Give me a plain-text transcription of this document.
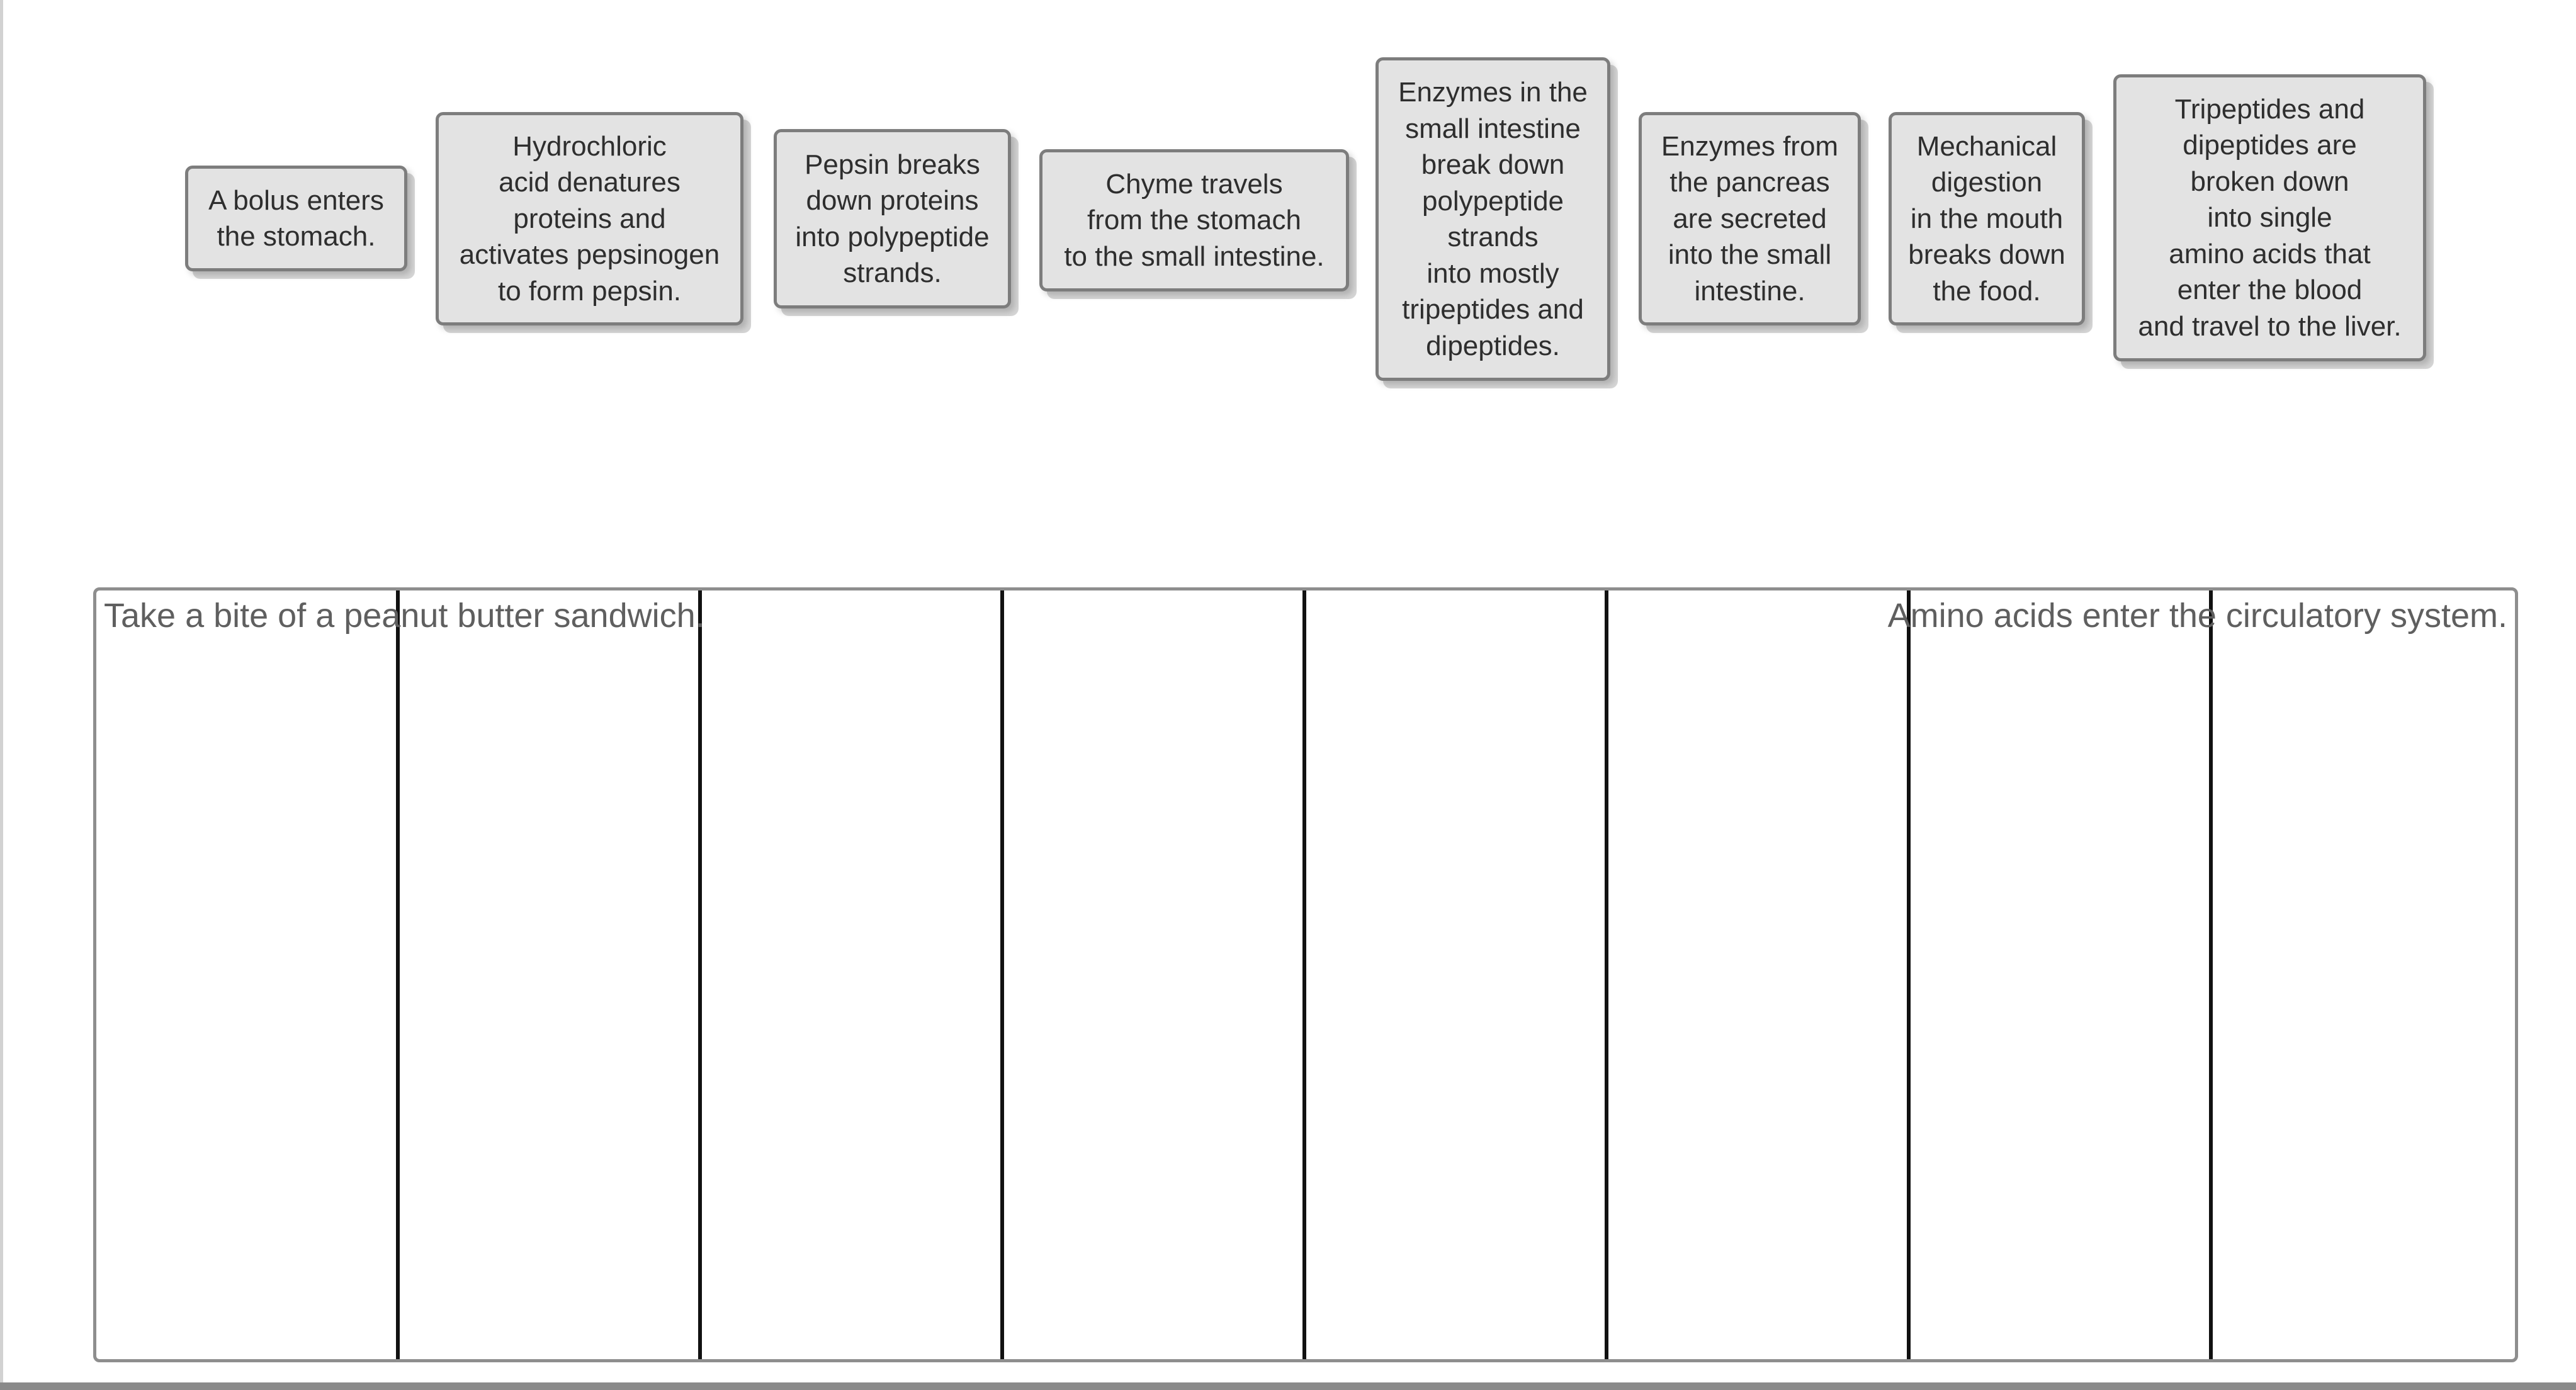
A bolus enters
the stomach.
Hydrochloric
acid denatures
proteins and
activates pepsinogen
to form pepsin.
Pepsin breaks
down proteins
into polypeptide
strands.
Chyme travels
from the stomach
to the small intestine.
Enzymes in the
small intestine
break down
polypeptide
strands
into mostly
tripeptides and
dipeptides.
Enzymes from
the pancreas
are secreted
into the small
intestine.
Mechanical
digestion
in the mouth
breaks down
the food.
Tripeptides and
dipeptides are
broken down
into single
amino acids that
enter the blood
and travel to the liver.
Take a bite of a peanut butter sandwich.	Amino acids enter the circulatory system.
